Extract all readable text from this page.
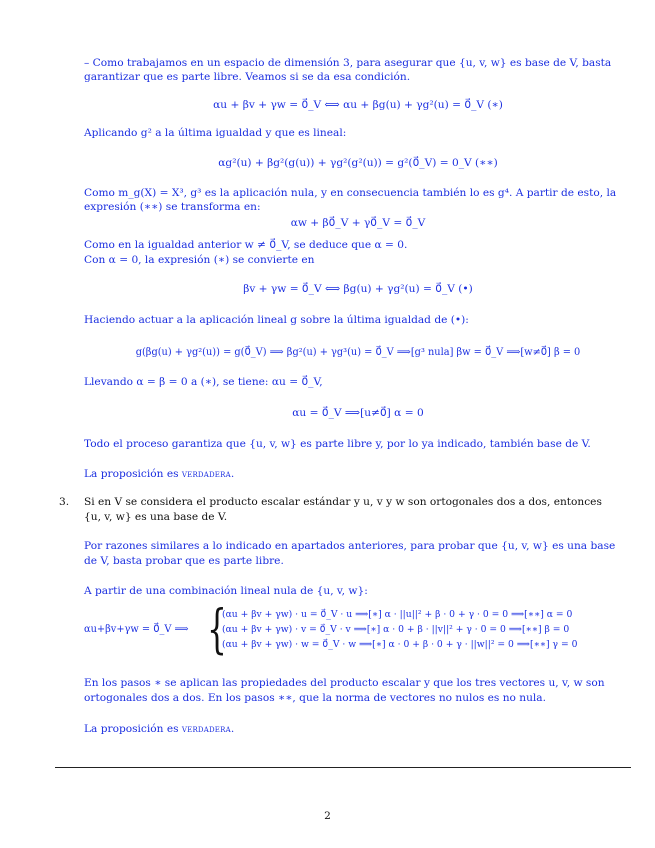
– Como trabajamos en un espacio de dimensión 3, para asegurar que {u, v, w} es base de V, basta
garantizar que es parte libre. Veamos si se da esa condición.
αu + βv + γw = 0⃗_V ⟺ αu + βg(u) + γg²(u) = 0⃗_V (∗)
Aplicando g² a la última igualdad y que es lineal:
αg²(u) + βg²(g(u)) + γg²(g²(u)) = g²(0⃗_V) = 0_V (∗∗)
Como m_g(X) = X³, g³ es la aplicación nula, y en consecuencia también lo es g⁴. A partir de esto, la
expresión (∗∗) se transforma en:
αw + β0⃗_V + γ0⃗_V = 0⃗_V
Como en la igualdad anterior w ≠ 0⃗_V, se deduce que α = 0.
Con α = 0, la expresión (∗) se convierte en
βv + γw = 0⃗_V ⟺ βg(u) + γg²(u) = 0⃗_V (•)
Haciendo actuar a la aplicación lineal g sobre la última igualdad de (•):
g(βg(u) + γg²(u)) = g(0⃗_V) ⟹ βg²(u) + γg³(u) = 0⃗_V ⟹[g³ nula] βw = 0⃗_V ⟹[w≠0⃗] β = 0
Llevando α = β = 0 a (∗), se tiene: αu = 0⃗_V,
αu = 0⃗_V ⟹[u≠0⃗] α = 0
Todo el proceso garantiza que {u, v, w} es parte libre y, por lo ya indicado, también base de V.
La proposición es verdadera.
3. Si en V se considera el producto escalar estándar y u, v y w son ortogonales dos a dos, entonces
{u, v, w} es una base de V.
Por razones similares a lo indicado en apartados anteriores, para probar que {u, v, w} es una base
de V, basta probar que es parte libre.
A partir de una combinación lineal nula de {u, v, w}:
αu+βv+γw = 0⃗_V ⟹ {
(αu + βv + γw) · u = 0⃗_V · u ⟹[∗] α · ||u||² + β · 0 + γ · 0 = 0 ⟹[∗∗] α = 0
(αu + βv + γw) · v = 0⃗_V · v ⟹[∗] α · 0 + β · ||v||² + γ · 0 = 0 ⟹[∗∗] β = 0
(αu + βv + γw) · w = 0⃗_V · w ⟹[∗] α · 0 + β · 0 + γ · ||w||² = 0 ⟹[∗∗] γ = 0
En los pasos ∗ se aplican las propiedades del producto escalar y que los tres vectores u, v, w son
ortogonales dos a dos. En los pasos ∗∗, que la norma de vectores no nulos es no nula.
La proposición es verdadera.
2
